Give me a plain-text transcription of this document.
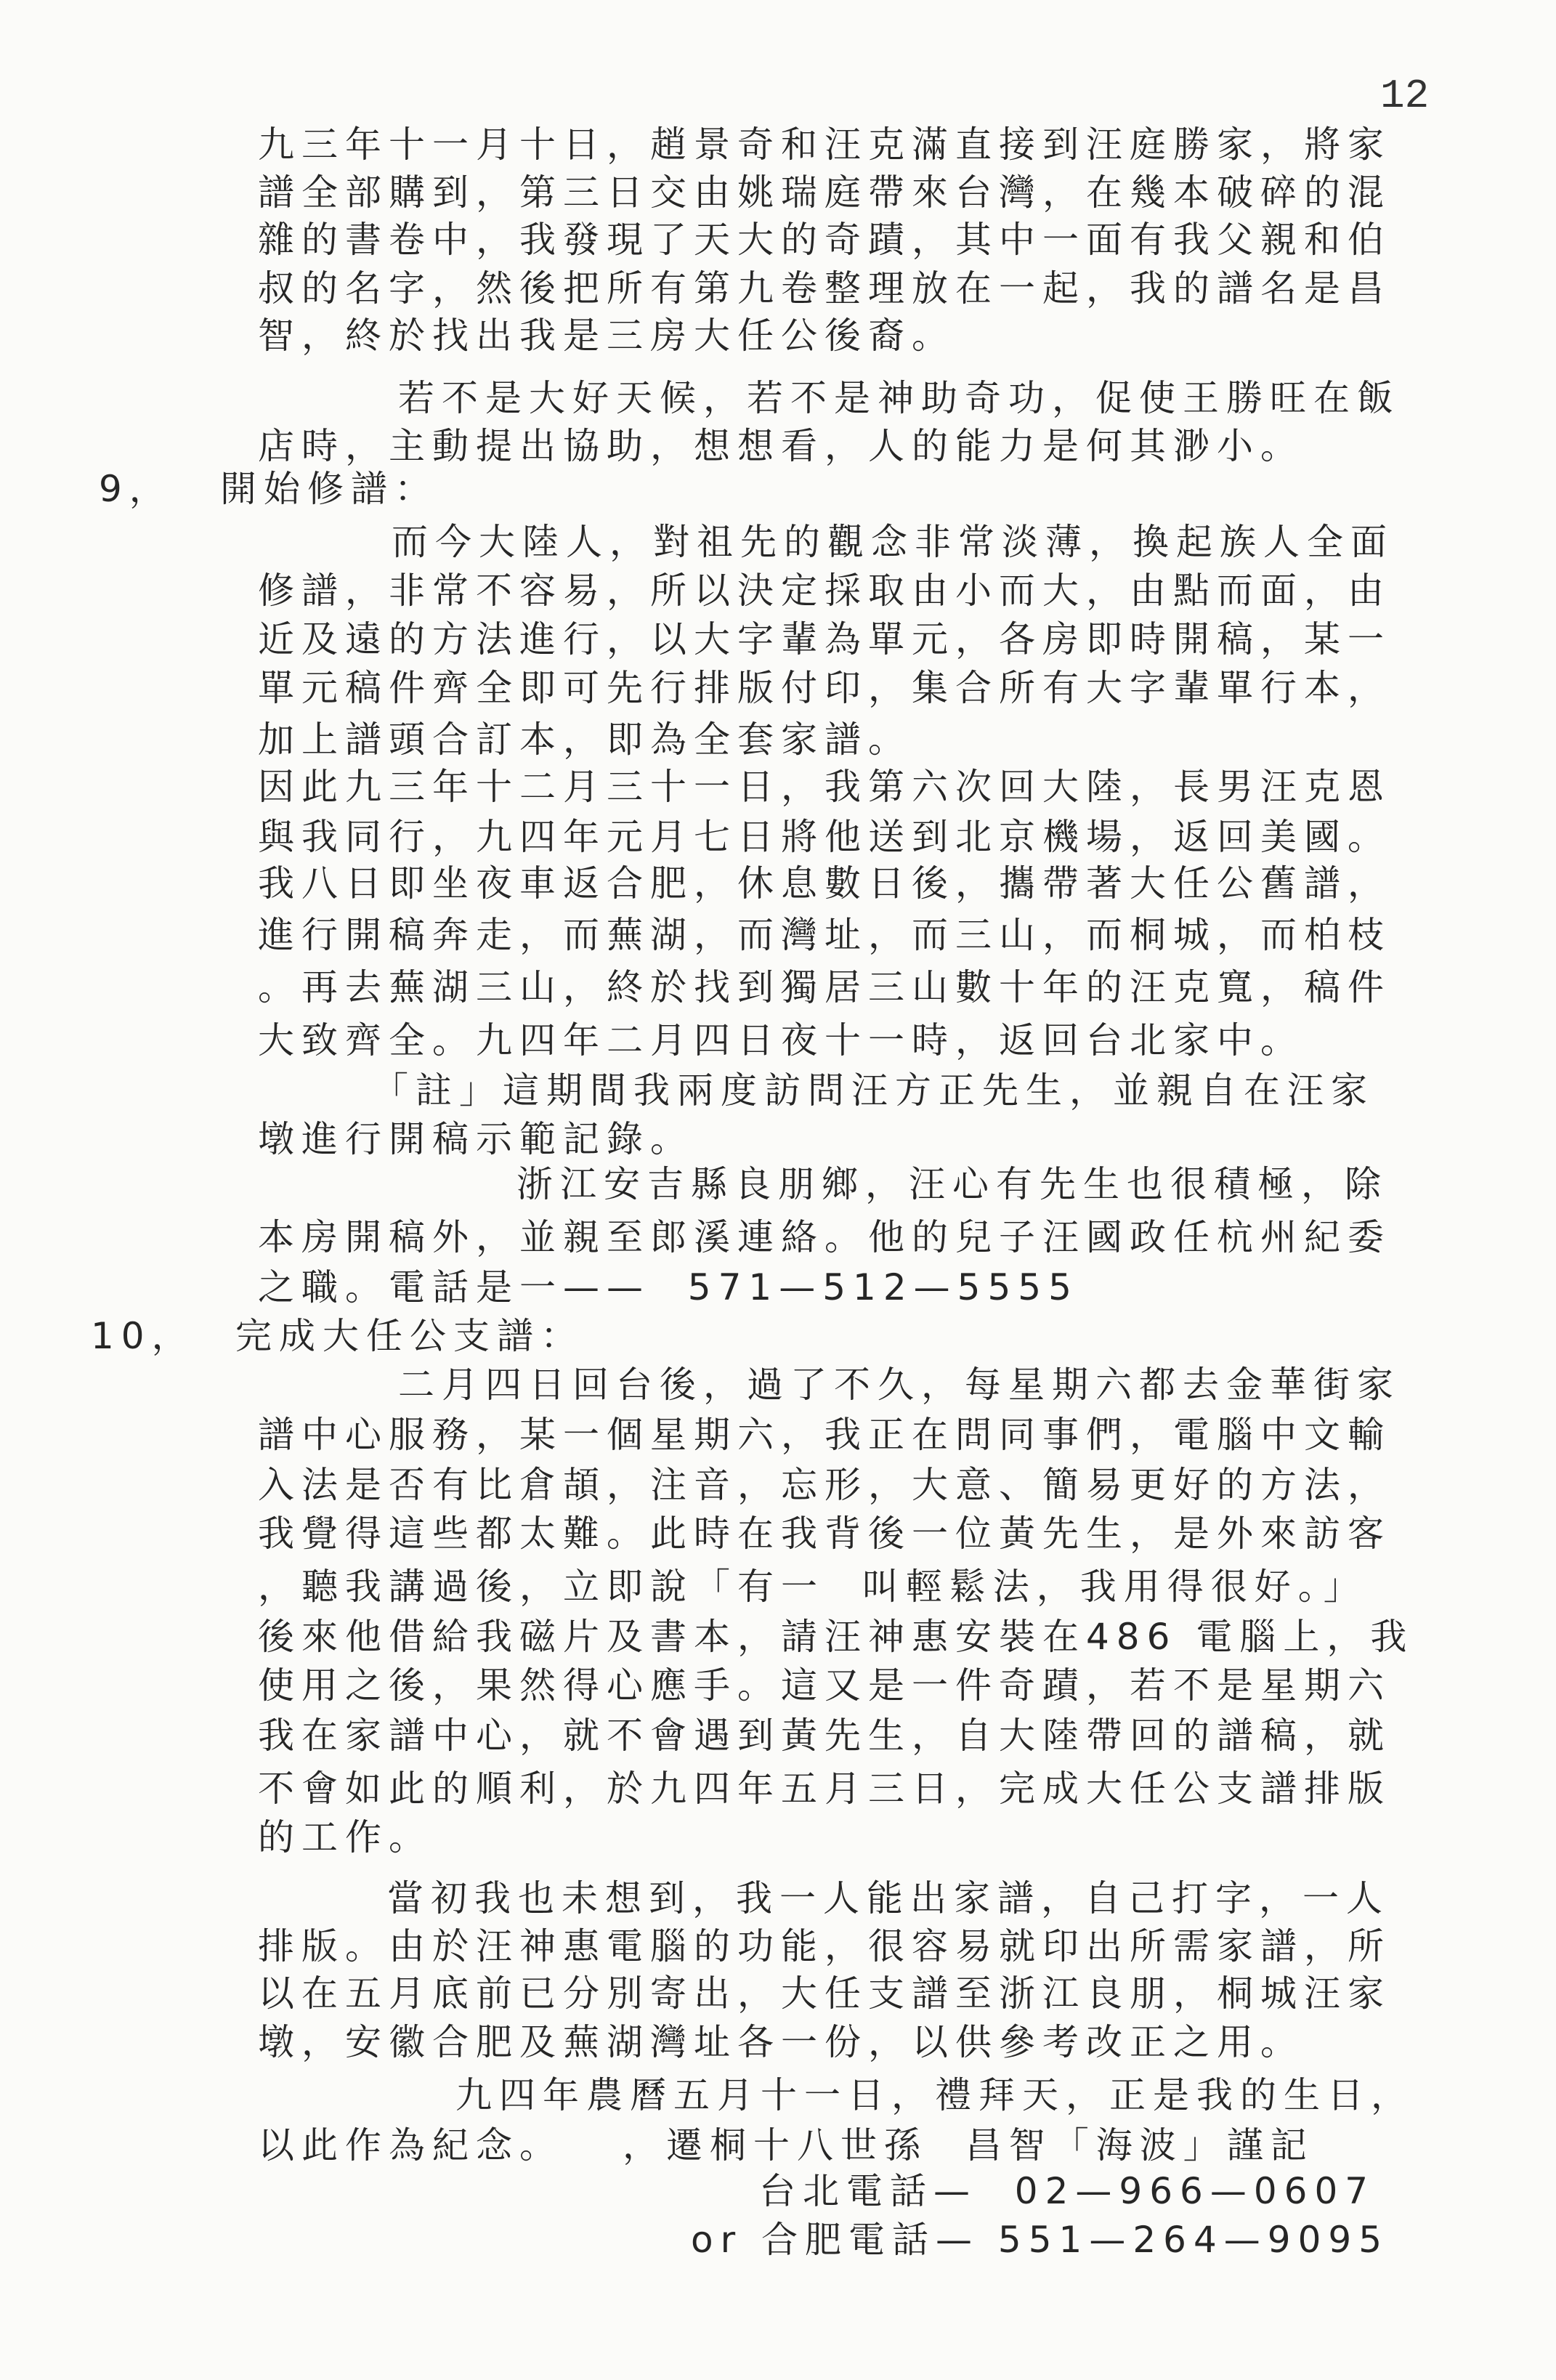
12
九三年十一月十日，趙景奇和汪克滿直接到汪庭勝家，將家
譜全部購到，第三日交由姚瑞庭帶來台灣，在幾本破碎的混
雜的書卷中，我發現了天大的奇蹟，其中一面有我父親和伯
叔的名字，然後把所有第九卷整理放在一起，我的譜名是昌
智，終於找出我是三房大任公後裔。
若不是大好天候，若不是神助奇功，促使王勝旺在飯
店時，主動提出協助，想想看，人的能力是何其渺小。
9， 開始修譜：
而今大陸人，對祖先的觀念非常淡薄，換起族人全面
修譜，非常不容易，所以決定採取由小而大，由點而面，由
近及遠的方法進行，以大字輩為單元，各房即時開稿，某一
單元稿件齊全即可先行排版付印，集合所有大字輩單行本，
加上譜頭合訂本，即為全套家譜。
因此九三年十二月三十一日，我第六次回大陸，長男汪克恩
與我同行，九四年元月七日將他送到北京機場，返回美國。
我八日即坐夜車返合肥，休息數日後，攜帶著大任公舊譜，
進行開稿奔走，而蕪湖，而灣址，而三山，而桐城，而柏枝
。再去蕪湖三山，終於找到獨居三山數十年的汪克寬，稿件
大致齊全。九四年二月四日夜十一時，返回台北家中。
「註」這期間我兩度訪問汪方正先生，並親自在汪家
墩進行開稿示範記錄。
浙江安吉縣良朋鄉，汪心有先生也很積極，除
本房開稿外，並親至郎溪連絡。他的兒子汪國政任杭州紀委
之職。電話是一——  571—512—5555
10， 完成大任公支譜：
二月四日回台後，過了不久，每星期六都去金華街家
譜中心服務，某一個星期六，我正在問同事們，電腦中文輸
入法是否有比倉頡，注音，忘形，大意、簡易更好的方法，
我覺得這些都太難。此時在我背後一位黃先生，是外來訪客
，聽我講過後，立即說「有一  叫輕鬆法，我用得很好。」
後來他借給我磁片及書本，請汪神惠安裝在486 電腦上，我
使用之後，果然得心應手。這又是一件奇蹟，若不是星期六
我在家譜中心，就不會遇到黃先生，自大陸帶回的譜稿，就
不會如此的順利，於九四年五月三日，完成大任公支譜排版
的工作。
當初我也未想到，我一人能出家譜，自己打字，一人
排版。由於汪神惠電腦的功能，很容易就印出所需家譜，所
以在五月底前已分別寄出，大任支譜至浙江良朋，桐城汪家
墩，安徽合肥及蕪湖灣址各一份，以供參考改正之用。
九四年農曆五月十一日，禮拜天，正是我的生日，
以此作為紀念。 ，遷桐十八世孫  昌智「海波」謹記
台北電話—  02—966—0607
or 合肥電話— 551—264—9095
